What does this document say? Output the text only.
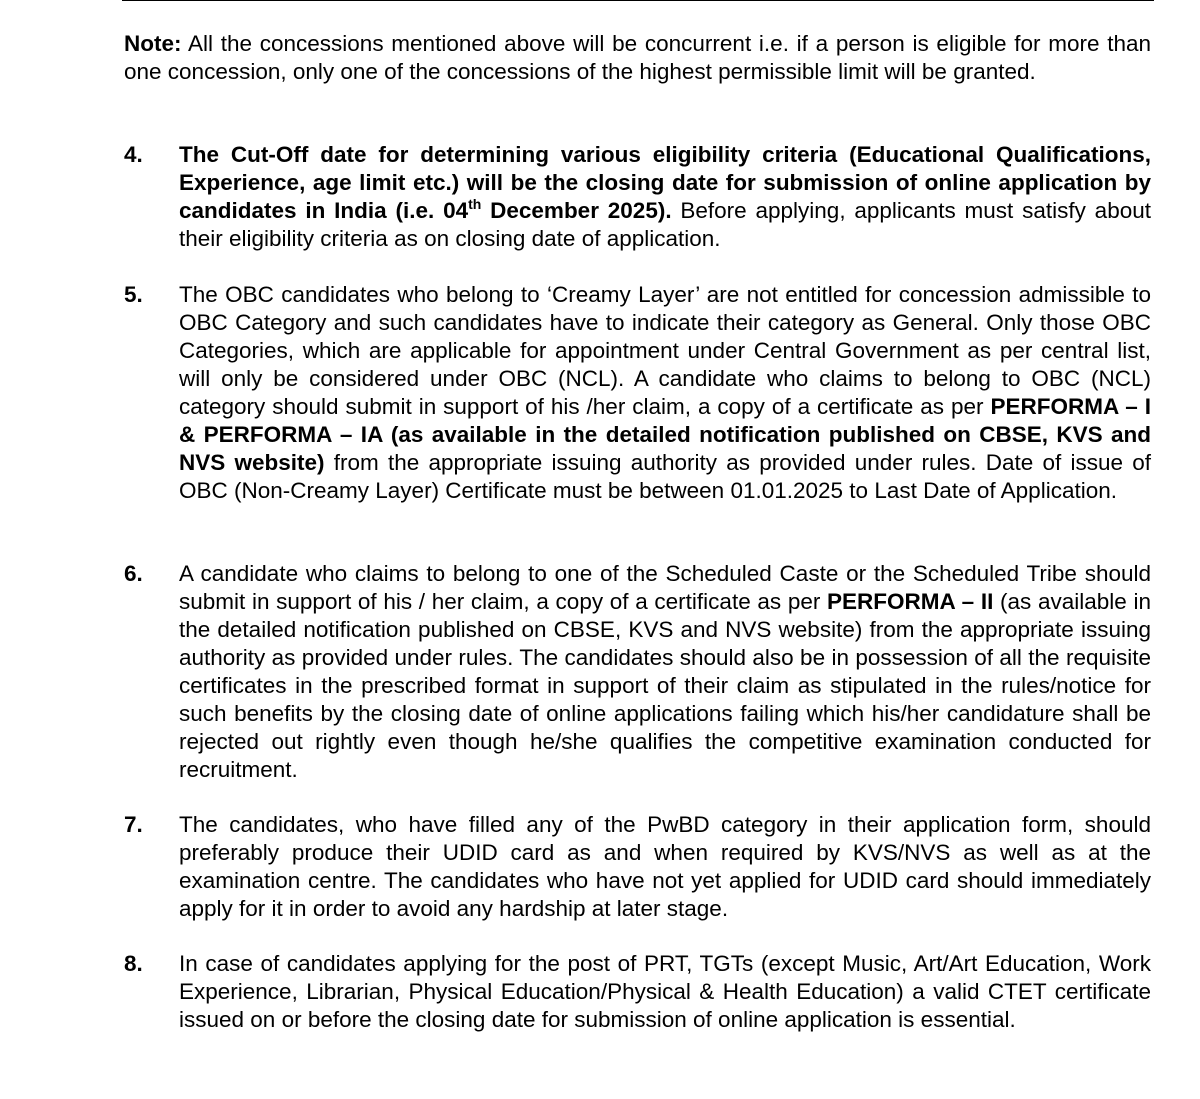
Note: All the concessions mentioned above will be concurrent i.e. if a person is eligible for more than one concession, only one of the concessions of the highest permissible limit will be granted.

4. The Cut-Off date for determining various eligibility criteria (Educational Qualifications, Experience, age limit etc.) will be the closing date for submission of online application by candidates in India (i.e. 04th December 2025). Before applying, applicants must satisfy about their eligibility criteria as on closing date of application.
5. The OBC candidates who belong to ‘Creamy Layer’ are not entitled for concession admissible to OBC Category and such candidates have to indicate their category as General. Only those OBC Categories, which are applicable for appointment under Central Government as per central list, will only be considered under OBC (NCL). A candidate who claims to belong to OBC (NCL) category should submit in support of his /her claim, a copy of a certificate as per PERFORMA – I & PERFORMA – IA (as available in the detailed notification published on CBSE, KVS and NVS website) from the appropriate issuing authority as provided under rules. Date of issue of OBC (Non-Creamy Layer) Certificate must be between 01.01.2025 to Last Date of Application.
6. A candidate who claims to belong to one of the Scheduled Caste or the Scheduled Tribe should submit in support of his / her claim, a copy of a certificate as per PERFORMA – II (as available in the detailed notification published on CBSE, KVS and NVS website) from the appropriate issuing authority as provided under rules. The candidates should also be in possession of all the requisite certificates in the prescribed format in support of their claim as stipulated in the rules/notice for such benefits by the closing date of online applications failing which his/her candidature shall be rejected out rightly even though he/she qualifies the competitive examination conducted for recruitment.
7. The candidates, who have filled any of the PwBD category in their application form, should preferably produce their UDID card as and when required by KVS/NVS as well as at the examination centre. The candidates who have not yet applied for UDID card should immediately apply for it in order to avoid any hardship at later stage.
8. In case of candidates applying for the post of PRT, TGTs (except Music, Art/Art Education, Work Experience, Librarian, Physical Education/Physical & Health Education) a valid CTET certificate issued on or before the closing date for submission of online application is essential.
